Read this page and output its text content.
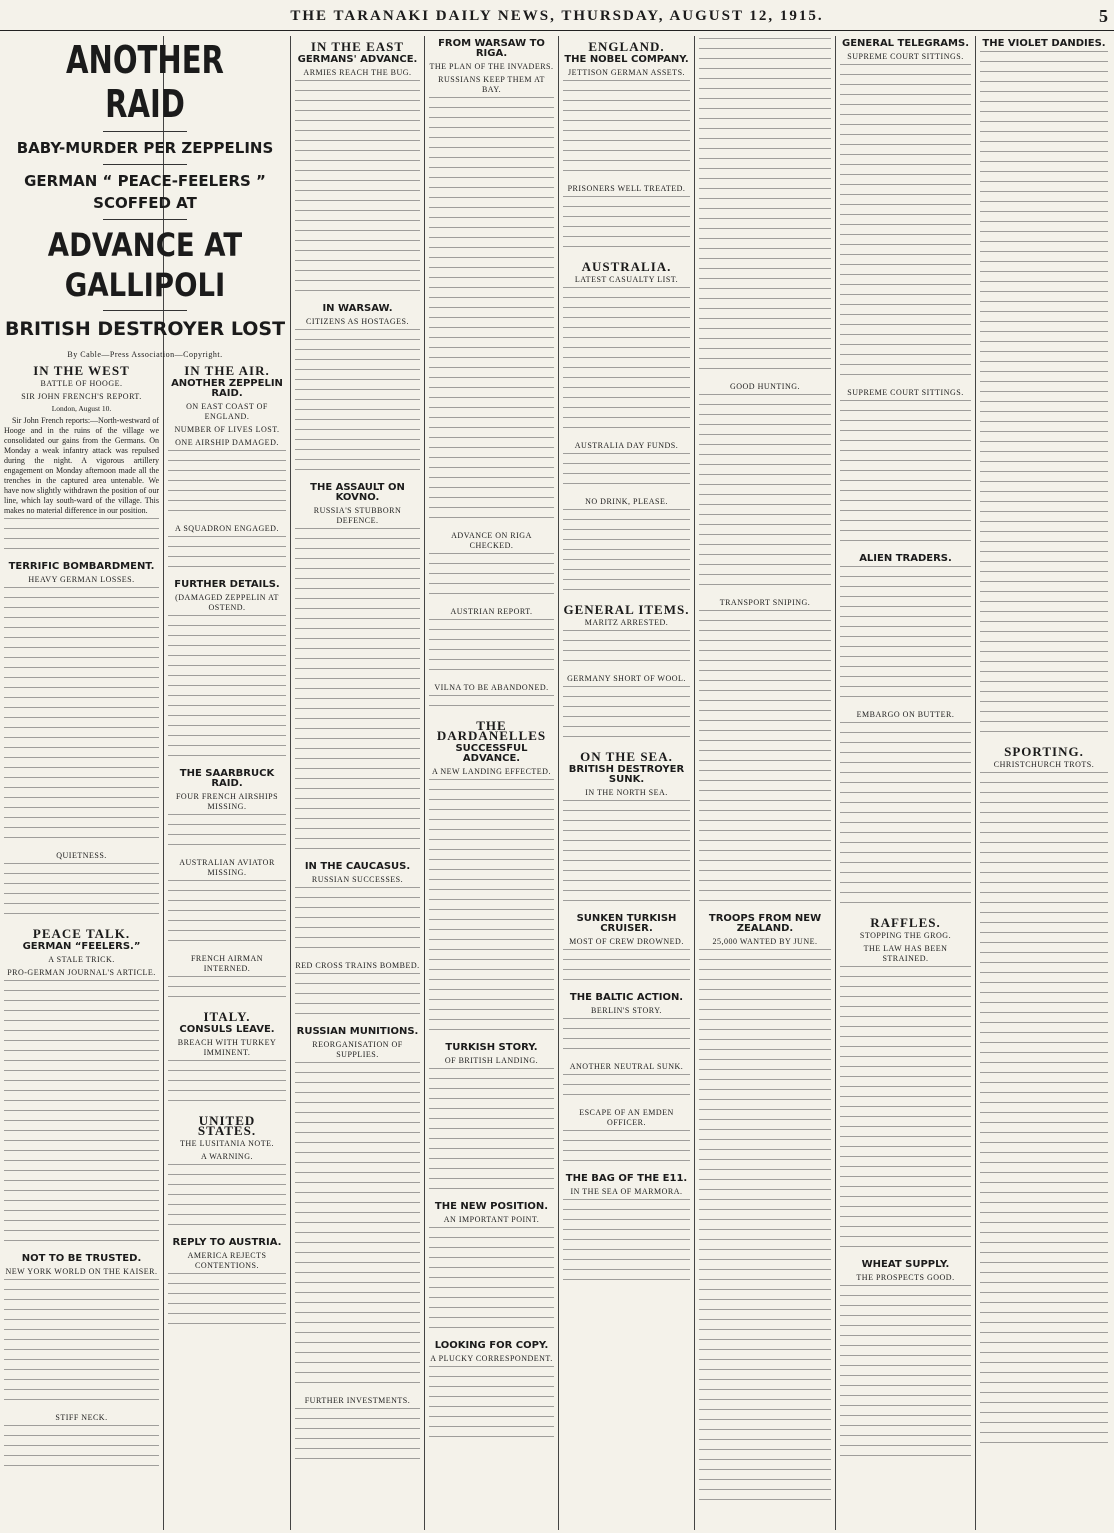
THE TARANAKI DAILY NEWS, THURSDAY, AUGUST 12, 1915.	5
ANOTHER RAID
BABY-MURDER PER ZEPPELINS
GERMAN “ PEACE-FEELERS ” SCOFFED AT
ADVANCE AT GALLIPOLI
BRITISH DESTROYER LOST
By Cable—Press Association—Copyright.
IN THE WEST
BATTLE OF HOOGE.
SIR JOHN FRENCH'S REPORT.
London, August 10.
Sir John French reports:—North-westward of Hooge and in the ruins of the village we consolidated our gains from the Germans. On Monday a weak infantry attack was repulsed during the night. A vigorous artillery engagement on Monday afternoon made all the trenches in the captured area untenable. We have now slightly withdrawn the position of our line, which lay south-ward of the village. This makes no material difference in our position.
TERRIFIC BOMBARDMENT.
HEAVY GERMAN LOSSES.
QUIETNESS.
PEACE TALK.
GERMAN “FEELERS.”
A STALE TRICK.
PRO-GERMAN JOURNAL'S ARTICLE.
NOT TO BE TRUSTED.
NEW YORK WORLD ON THE KAISER.
STIFF NECK.
IN THE AIR.
ANOTHER ZEPPELIN RAID.
ON EAST COAST OF ENGLAND.
NUMBER OF LIVES LOST.
ONE AIRSHIP DAMAGED.
A SQUADRON ENGAGED.
FURTHER DETAILS.
(DAMAGED ZEPPELIN AT OSTEND.
THE SAARBRUCK RAID.
FOUR FRENCH AIRSHIPS MISSING.
AUSTRALIAN AVIATOR MISSING.
FRENCH AIRMAN INTERNED.
ITALY.
CONSULS LEAVE.
BREACH WITH TURKEY IMMINENT.
UNITED STATES.
THE LUSITANIA NOTE.
A WARNING.
REPLY TO AUSTRIA.
AMERICA REJECTS CONTENTIONS.
IN THE EAST
GERMANS' ADVANCE.
ARMIES REACH THE BUG.
IN WARSAW.
CITIZENS AS HOSTAGES.
THE ASSAULT ON KOVNO.
RUSSIA'S STUBBORN DEFENCE.
IN THE CAUCASUS.
RUSSIAN SUCCESSES.
RED CROSS TRAINS BOMBED.
RUSSIAN MUNITIONS.
REORGANISATION OF SUPPLIES.
FURTHER INVESTMENTS.
FROM WARSAW TO RIGA.
THE PLAN OF THE INVADERS.
RUSSIANS KEEP THEM AT BAY.
ADVANCE ON RIGA CHECKED.
AUSTRIAN REPORT.
VILNA TO BE ABANDONED.
THE DARDANELLES
SUCCESSFUL ADVANCE.
A NEW LANDING EFFECTED.
TURKISH STORY.
OF BRITISH LANDING.
THE NEW POSITION.
AN IMPORTANT POINT.
LOOKING FOR COPY.
A PLUCKY CORRESPONDENT.
ENGLAND.
THE NOBEL COMPANY.
JETTISON GERMAN ASSETS.
PRISONERS WELL TREATED.
AUSTRALIA.
LATEST CASUALTY LIST.
AUSTRALIA DAY FUNDS.
NO DRINK, PLEASE.
GENERAL ITEMS.
MARITZ ARRESTED.
GERMANY SHORT OF WOOL.
ON THE SEA.
BRITISH DESTROYER SUNK.
IN THE NORTH SEA.
SUNKEN TURKISH CRUISER.
MOST OF CREW DROWNED.
THE BALTIC ACTION.
BERLIN'S STORY.
ANOTHER NEUTRAL SUNK.
ESCAPE OF AN EMDEN OFFICER.
THE BAG OF THE E11.
IN THE SEA OF MARMORA.
GOOD HUNTING.
TRANSPORT SNIPING.
TROOPS FROM NEW ZEALAND.
25,000 WANTED BY JUNE.
GENERAL TELEGRAMS.
SUPREME COURT SITTINGS.
SUPREME COURT SITTINGS.
ALIEN TRADERS.
EMBARGO ON BUTTER.
RAFFLES.
STOPPING THE GROG.
THE LAW HAS BEEN STRAINED.
WHEAT SUPPLY.
THE PROSPECTS GOOD.
THE VIOLET DANDIES.
SPORTING.
CHRISTCHURCH TROTS.
